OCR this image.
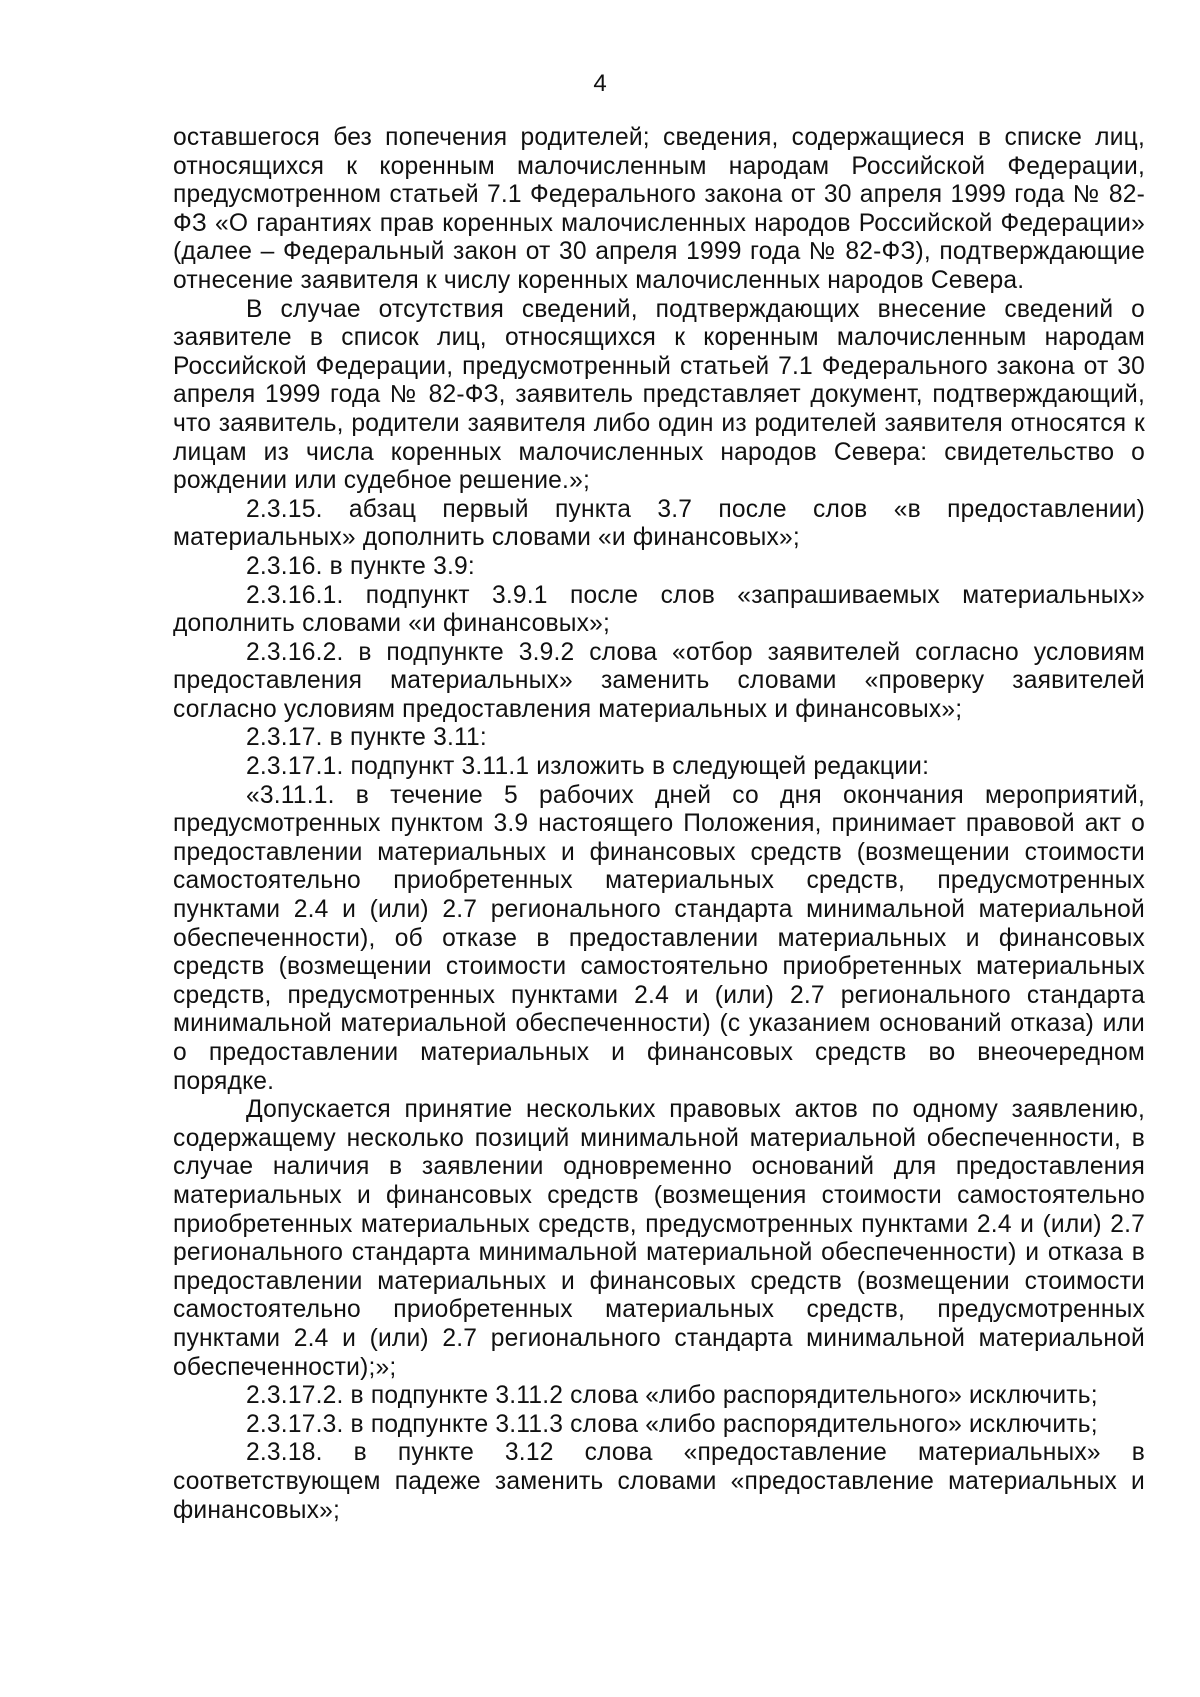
4

оставшегося без попечения родителей; сведения, содержащиеся в списке лиц, относящихся к коренным малочисленным народам Российской Федерации, предусмотренном статьей 7.1 Федерального закона от 30 апреля 1999 года № 82-ФЗ «О гарантиях прав коренных малочисленных народов Российской Федерации» (далее – Федеральный закон от 30 апреля 1999 года № 82-ФЗ), подтверждающие отнесение заявителя к числу коренных малочисленных народов Севера.

В случае отсутствия сведений, подтверждающих внесение сведений о заявителе в список лиц, относящихся к коренным малочисленным народам Российской Федерации, предусмотренный статьей 7.1 Федерального закона от 30 апреля 1999 года № 82-ФЗ, заявитель представляет документ, подтверждающий, что заявитель, родители заявителя либо один из родителей заявителя относятся к лицам из числа коренных малочисленных народов Севера: свидетельство о рождении или судебное решение.»;

2.3.15. абзац первый пункта 3.7 после слов «в предоставлении) материальных» дополнить словами «и финансовых»;

2.3.16. в пункте 3.9:

2.3.16.1. подпункт 3.9.1 после слов «запрашиваемых материальных» дополнить словами «и финансовых»;

2.3.16.2. в подпункте 3.9.2 слова «отбор заявителей согласно условиям предоставления материальных» заменить словами «проверку заявителей согласно условиям предоставления материальных и финансовых»;

2.3.17. в пункте 3.11:

2.3.17.1. подпункт 3.11.1 изложить в следующей редакции:

«3.11.1. в течение 5 рабочих дней со дня окончания мероприятий, предусмотренных пунктом 3.9 настоящего Положения, принимает правовой акт о предоставлении материальных и финансовых средств (возмещении стоимости самостоятельно приобретенных материальных средств, предусмотренных пунктами 2.4 и (или) 2.7 регионального стандарта минимальной материальной обеспеченности), об отказе в предоставлении материальных и финансовых средств (возмещении стоимости самостоятельно приобретенных материальных средств, предусмотренных пунктами 2.4 и (или) 2.7 регионального стандарта минимальной материальной обеспеченности) (с указанием оснований отказа) или о предоставлении материальных и финансовых средств во внеочередном порядке.

Допускается принятие нескольких правовых актов по одному заявлению, содержащему несколько позиций минимальной материальной обеспеченности, в случае наличия в заявлении одновременно оснований для предоставления материальных и финансовых средств (возмещения стоимости самостоятельно приобретенных материальных средств, предусмотренных пунктами 2.4 и (или) 2.7 регионального стандарта минимальной материальной обеспеченности) и отказа в предоставлении материальных и финансовых средств (возмещении стоимости самостоятельно приобретенных материальных средств, предусмотренных пунктами 2.4 и (или) 2.7 регионального стандарта минимальной материальной обеспеченности);»;

2.3.17.2. в подпункте 3.11.2 слова «либо распорядительного» исключить;

2.3.17.3. в подпункте 3.11.3 слова «либо распорядительного» исключить;

2.3.18. в пункте 3.12 слова «предоставление материальных» в соответствующем падеже заменить словами «предоставление материальных и финансовых»;
